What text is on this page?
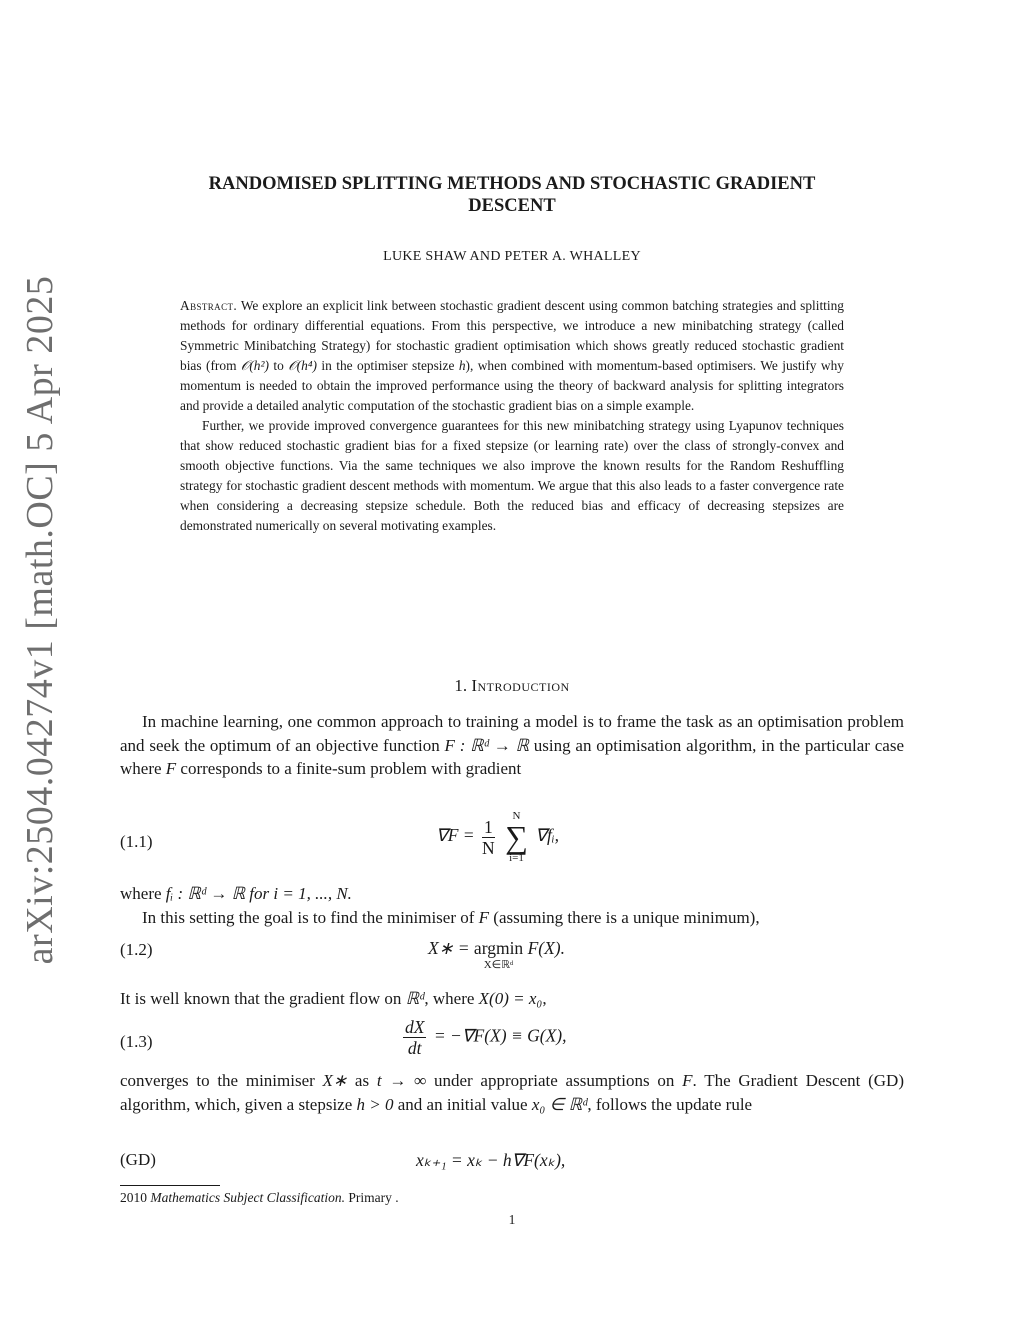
arXiv:2504.04274v1 [math.OC] 5 Apr 2025
RANDOMISED SPLITTING METHODS AND STOCHASTIC GRADIENT
DESCENT
LUKE SHAW AND PETER A. WHALLEY

Abstract. We explore an explicit link between stochastic gradient descent using common batching strategies and splitting methods for ordinary differential equations. From this perspective, we introduce a new minibatching strategy (called Symmetric Minibatching Strategy) for stochastic gradient optimisation which shows greatly reduced stochastic gradient bias (from 𝒪(h²) to 𝒪(h⁴) in the optimiser stepsize h), when combined with momentum-based optimisers. We justify why momentum is needed to obtain the improved performance using the theory of backward analysis for splitting integrators and provide a detailed analytic computation of the stochastic gradient bias on a simple example.

Further, we provide improved convergence guarantees for this new minibatching strategy using Lyapunov techniques that show reduced stochastic gradient bias for a fixed stepsize (or learning rate) over the class of strongly-convex and smooth objective functions. Via the same techniques we also improve the known results for the Random Reshuffling strategy for stochastic gradient descent methods with momentum. We argue that this also leads to a faster convergence rate when considering a decreasing stepsize schedule. Both the reduced bias and efficacy of decreasing stepsizes are demonstrated numerically on several motivating examples.

1. Introduction

In machine learning, one common approach to training a model is to frame the task as an optimisation problem and seek the optimum of an objective function F : ℝᵈ → ℝ using an optimisation algorithm, in the particular case where F corresponds to a finite-sum problem with gradient

(1.1)	$\nabla F = \frac{1}{N}$

N
∑
i=1
∇fᵢ,

where fᵢ : ℝᵈ → ℝ for i = 1, ..., N.

In this setting the goal is to find the minimiser of F (assuming there is a unique minimum),

(1.2)	X∗ = argmin
X∈ℝᵈ
F(X).

It is well known that the gradient flow on ℝᵈ, where X(0) = x₀,

(1.3)	$\frac{dX}{dt} = -\nabla F(X) \equiv G(X)$,

converges to the minimiser X∗ as t → ∞ under appropriate assumptions on F. The Gradient Descent (GD) algorithm, which, given a stepsize h > 0 and an initial value x₀ ∈ ℝᵈ, follows the update rule

(GD)	xₖ₊₁ = xₖ − h∇F(xₖ),
2010 Mathematics Subject Classification. Primary .
1
